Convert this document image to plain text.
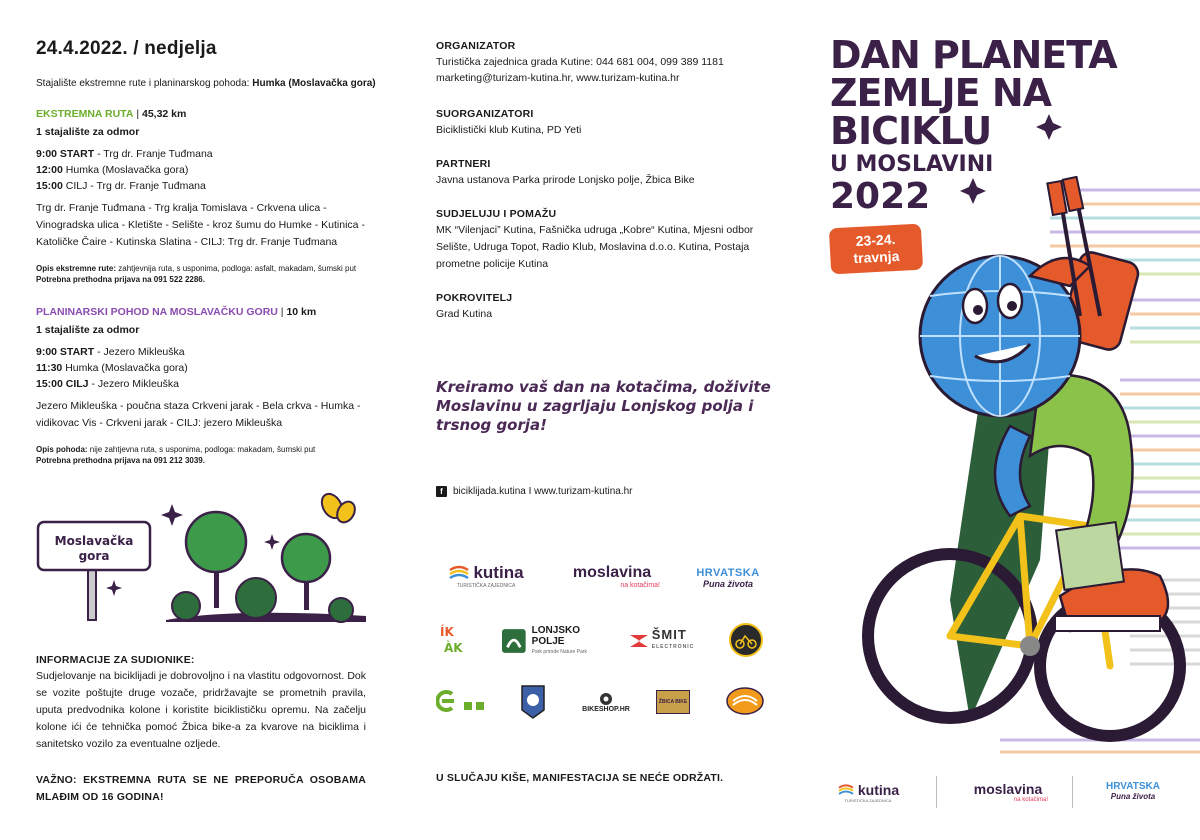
24.4.2022. / nedjelja
Stajalište ekstremne rute i planinarskog pohoda: Humka (Moslavačka gora)
EKSTREMNA RUTA | 45,32 km
1 stajalište za odmor
9:00 START - Trg dr. Franje Tuđmana
12:00 Humka (Moslavačka gora)
15:00 CILJ - Trg dr. Franje Tuđmana
Trg dr. Franje Tuđmana - Trg kralja Tomislava - Crkvena ulica - Vinogradska ulica - Kletište - Selište - kroz šumu do Humke - Kutinica - Katoličke Čaire - Kutinska Slatina - CILJ: Trg dr. Franje Tuđmana
Opis ekstremne rute: zahtjevnija ruta, s usponima, podloga: asfalt, makadam, šumski put
Potrebna prethodna prijava na 091 522 2286.
PLANINARSKI POHOD NA MOSLAVAČKU GORU | 10 km
1 stajalište za odmor
9:00 START - Jezero Mikleuška
11:30 Humka (Moslavačka gora)
15:00 CILJ - Jezero Mikleuška
Jezero Mikleuška - poučna staza Crkveni jarak - Bela crkva - Humka - vidikovac Vis - Crkveni jarak - CILJ: jezero Mikleuška
Opis pohoda: nije zahtjevna ruta, s usponima, podloga: makadam, šumski put
Potrebna prethodna prijava na 091 212 3039.
Moslavačka gora
INFORMACIJE ZA SUDIONIKE:
Sudjelovanje na biciklijadi je dobrovoljno i na vlastitu odgovornost. Dok se vozite poštujte druge vozače, pridržavajte se prometnih pravila, uputa predvodnika kolone i koristite biciklističku opremu. Na začelju kolone ići će tehnička pomoć Žbica bike-a za kvarove na biciklima i sanitetsko vozilo za eventualne ozljede.
VAŽNO: EKSTREMNA RUTA SE NE PREPORUČA OSOBAMA MLAĐIM OD 16 GODINA!
ORGANIZATOR
Turistička zajednica grada Kutine: 044 681 004, 099 389 1181
marketing@turizam-kutina.hr, www.turizam-kutina.hr
SUORGANIZATORI
Biciklistički klub Kutina, PD Yeti
PARTNERI
Javna ustanova Parka prirode Lonjsko polje, Žbica Bike
SUDJELUJU I POMAŽU
MK “Vilenjaci” Kutina, Fašnička udruga „Kobre“ Kutina, Mjesni odbor Selište, Udruga Topot, Radio Klub, Moslavina d.o.o. Kutina, Postaja prometne policije Kutina
POKROVITELJ
Grad Kutina
Kreiramo vaš dan na kotačima, doživite Moslavinu u zagrljaju Lonjskog polja i trsnog gorja!
f	biciklijada.kutina I www.turizam-kutina.hr
kutina
TURISTIČKA ZAJEDNICA
moslavina
na kotačima!
HRVATSKA
Puna života
ÍK
ÀK
LONJSKO POLJE
Park prirode Nature Park
ŠMIT
ELECTRONIC
BIKESHOP.HR
ŽBICA BIKE
U SLUČAJU KIŠE, MANIFESTACIJA SE NEĆE ODRŽATI.
DAN PLANETA
ZEMLJE NA
BICIKLU
U MOSLAVINI
2022
23-24.
travnja
kutina
TURISTIČKA ZAJEDNICA
moslavina
na kotačima!
HRVATSKA
Puna života
